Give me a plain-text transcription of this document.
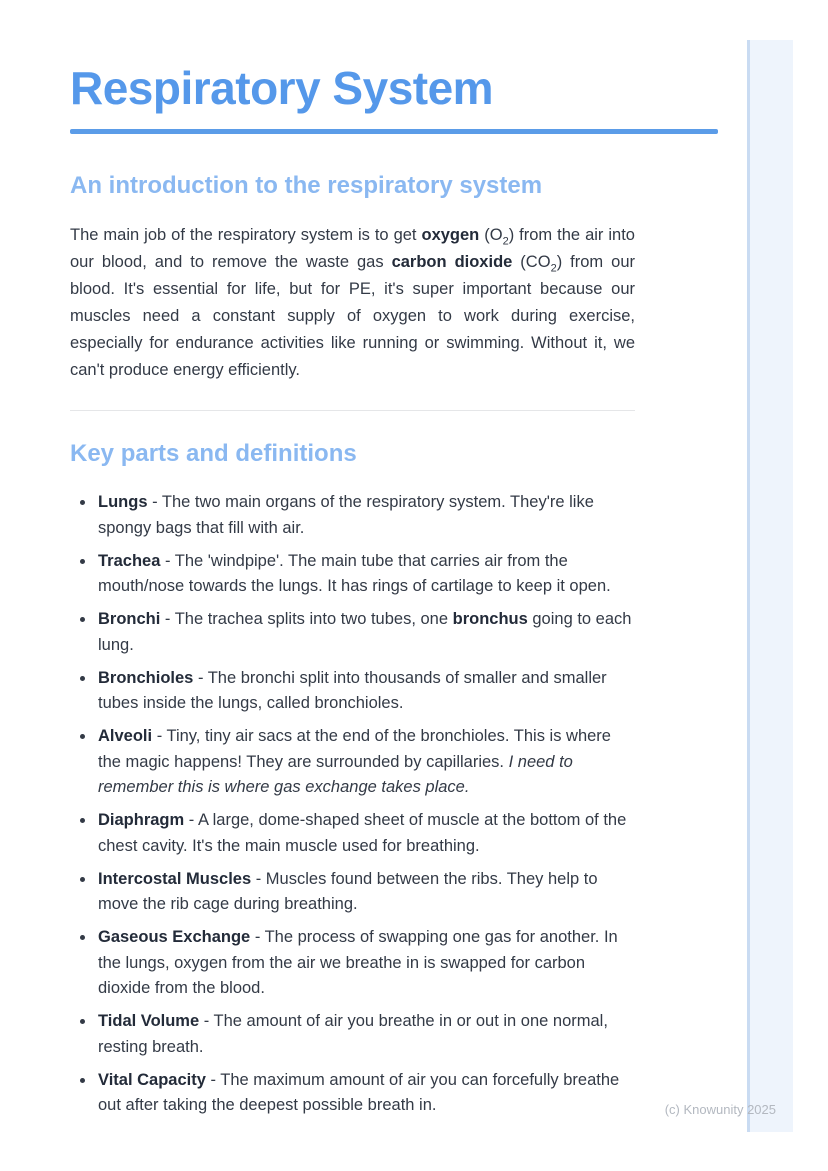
Respiratory System
An introduction to the respiratory system

The main job of the respiratory system is to get oxygen $(O_2)$ from the air into our blood, and to remove the waste gas carbon dioxide $(CO_2)$ from our blood. It's essential for life, but for PE, it's super important because our muscles need a constant supply of oxygen to work during exercise, especially for endurance activities like running or swimming. Without it, we can't produce energy efficiently.

Key parts and definitions
• Lungs - The two main organs of the respiratory system. They're like spongy bags that fill with air.
• Trachea - The 'windpipe'. The main tube that carries air from the mouth/nose towards the lungs. It has rings of cartilage to keep it open.
• Bronchi - The trachea splits into two tubes, one bronchus going to each lung.
• Bronchioles - The bronchi split into thousands of smaller and smaller tubes inside the lungs, called bronchioles.
• Alveoli - Tiny, tiny air sacs at the end of the bronchioles. This is where the magic happens! They are surrounded by capillaries. I need to remember this is where gas exchange takes place.
• Diaphragm - A large, dome-shaped sheet of muscle at the bottom of the chest cavity. It's the main muscle used for breathing.
• Intercostal Muscles - Muscles found between the ribs. They help to move the rib cage during breathing.
• Gaseous Exchange - The process of swapping one gas for another. In the lungs, oxygen from the air we breathe in is swapped for carbon dioxide from the blood.
• Tidal Volume - The amount of air you breathe in or out in one normal, resting breath.
• Vital Capacity - The maximum amount of air you can forcefully breathe out after taking the deepest possible breath in.	(c) Knowunity 2025
